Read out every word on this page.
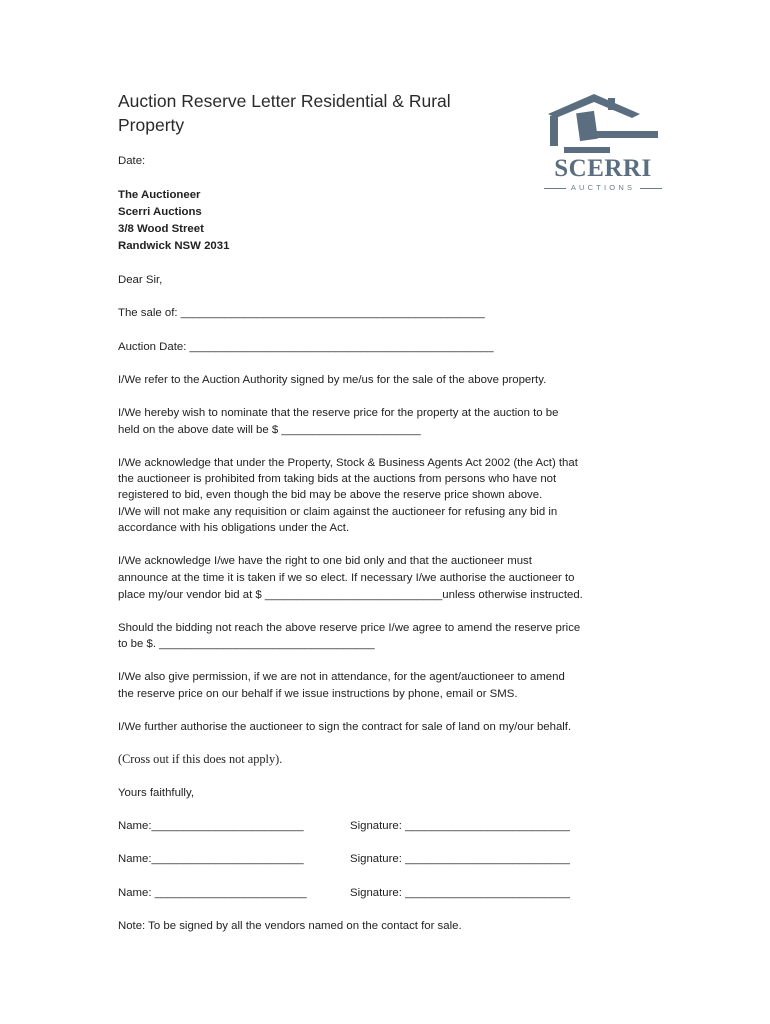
Auction Reserve Letter Residential & Rural Property
SCERRI
AUCTIONS
Date:
The Auctioneer
Scerri Auctions
3/8 Wood Street
Randwick NSW 2031
Dear Sir,
The sale of: ________________________________________________
Auction Date: ________________________________________________
I/We refer to the Auction Authority signed by me/us for the sale of the above property.
I/We hereby wish to nominate that the reserve price for the property at the auction to be
held on the above date will be $ ______________________
I/We acknowledge that under the Property, Stock & Business Agents Act 2002 (the Act) that
the auctioneer is prohibited from taking bids at the auctions from persons who have not
registered to bid, even though the bid may be above the reserve price shown above.
I/We will not make any requisition or claim against the auctioneer for refusing any bid in
accordance with his obligations under the Act.
I/We acknowledge I/we have the right to one bid only and that the auctioneer must
announce at the time it is taken if we so elect. If necessary I/we authorise the auctioneer to
place my/our vendor bid at $ ____________________________unless otherwise instructed.
Should the bidding not reach the above reserve price I/we agree to amend the reserve price
to be $. __________________________________
I/We also give permission, if we are not in attendance, for the agent/auctioneer to amend
the reserve price on our behalf if we issue instructions by phone, email or SMS.
I/We further authorise the auctioneer to sign the contract for sale of land on my/our behalf.
(Cross out if this does not apply).
Yours faithfully,
Name:________________________	Signature: __________________________
Name:________________________	Signature: __________________________
Name: ________________________	Signature: __________________________
Note: To be signed by all the vendors named on the contact for sale.
